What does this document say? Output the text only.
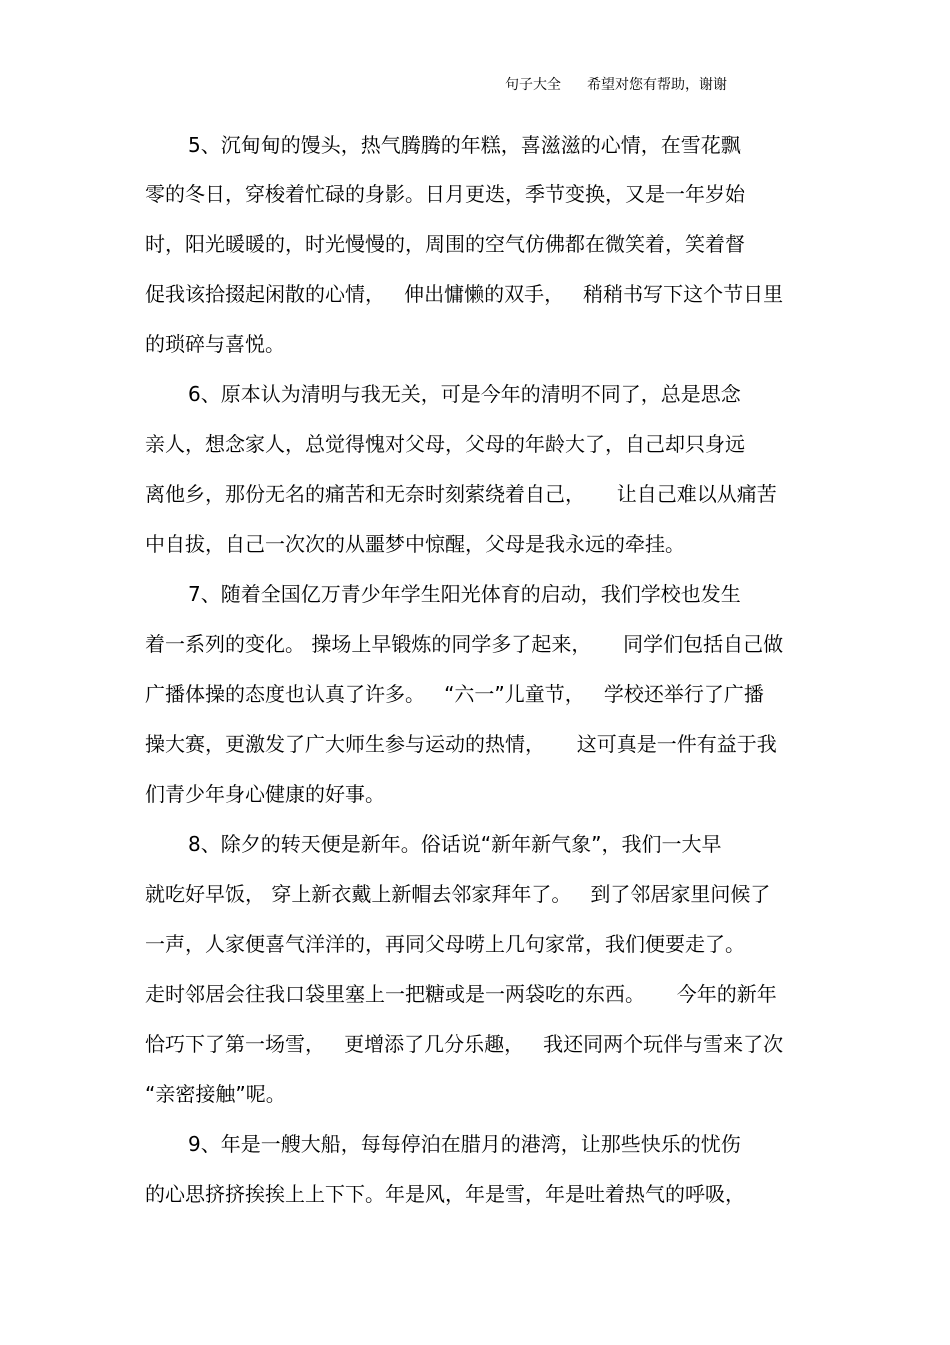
句子大全 希望对您有帮助，谢谢
5、沉甸甸的馒头，热气腾腾的年糕，喜滋滋的心情，在雪花飘
零的冬日，穿梭着忙碌的身影。日月更迭，季节变换，又是一年岁始
时，阳光暖暖的，时光慢慢的，周围的空气仿佛都在微笑着，笑着督
促我该拾掇起闲散的心情，   伸出慵懒的双手，   稍稍书写下这个节日里
的琐碎与喜悦。
6、原本认为清明与我无关，可是今年的清明不同了，总是思念
亲人，想念家人，总觉得愧对父母，父母的年龄大了，自己却只身远
离他乡，那份无名的痛苦和无奈时刻萦绕着自己，     让自己难以从痛苦
中自拔，自己一次次的从噩梦中惊醒，父母是我永远的牵挂。
7、随着全国亿万青少年学生阳光体育的启动，我们学校也发生
着一系列的变化。 操场上早锻炼的同学多了起来，     同学们包括自己做
广播体操的态度也认真了许多。   “六一”儿童节，   学校还举行了广播
操大赛，更激发了广大师生参与运动的热情，     这可真是一件有益于我
们青少年身心健康的好事。
8、除夕的转天便是新年。俗话说“新年新气象”，我们一大早
就吃好早饭， 穿上新衣戴上新帽去邻家拜年了。   到了邻居家里问候了
一声，人家便喜气洋洋的，再同父母唠上几句家常，我们便要走了。
走时邻居会往我口袋里塞上一把糖或是一两袋吃的东西。     今年的新年
恰巧下了第一场雪，   更增添了几分乐趣，   我还同两个玩伴与雪来了次
“亲密接触”呢。
9、年是一艘大船，每每停泊在腊月的港湾，让那些快乐的忧伤
的心思挤挤挨挨上上下下。年是风，年是雪，年是吐着热气的呼吸，
